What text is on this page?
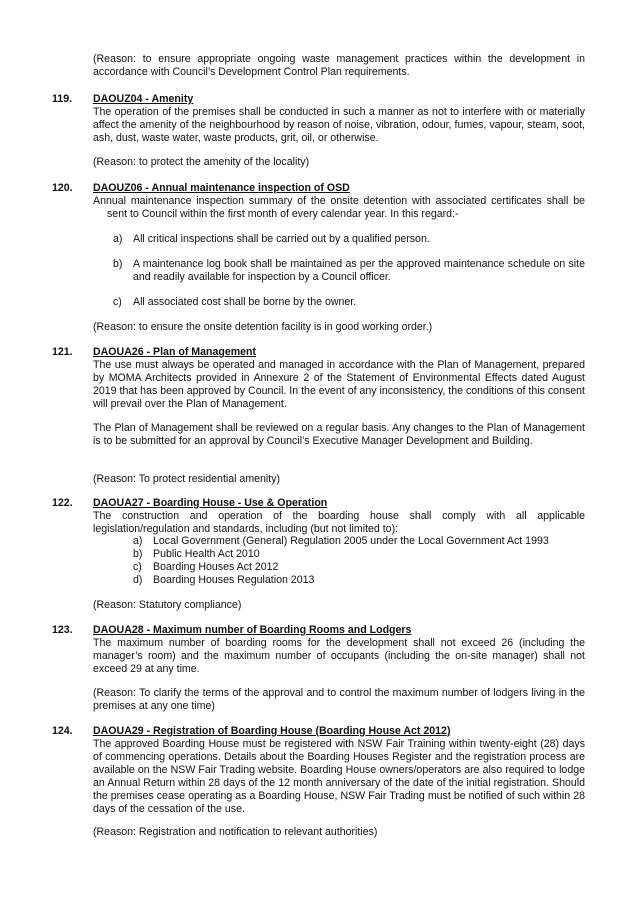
(Reason: to ensure appropriate ongoing waste management practices within the development in accordance with Council’s Development Control Plan requirements.
119. DAOUZ04 - Amenity
The operation of the premises shall be conducted in such a manner as not to interfere with or materially affect the amenity of the neighbourhood by reason of noise, vibration, odour, fumes, vapour, steam, soot, ash, dust, waste water, waste products, grit, oil, or otherwise.
(Reason: to protect the amenity of the locality)
120. DAOUZ06 - Annual maintenance inspection of OSD
Annual maintenance inspection summary of the onsite detention with associated certificates shall be sent to Council within the first month of every calendar year. In this regard:-
a) All critical inspections shall be carried out by a qualified person.
b) A maintenance log book shall be maintained as per the approved maintenance schedule on site and readily available for inspection by a Council officer.
c) All associated cost shall be borne by the owner.
(Reason: to ensure the onsite detention facility is in good working order.)
121. DAOUA26 - Plan of Management
The use must always be operated and managed in accordance with the Plan of Management, prepared by MOMA Architects provided in Annexure 2 of the Statement of Environmental Effects dated August 2019 that has been approved by Council. In the event of any inconsistency, the conditions of this consent will prevail over the Plan of Management.
The Plan of Management shall be reviewed on a regular basis. Any changes to the Plan of Management is to be submitted for an approval by Council’s Executive Manager Development and Building.
(Reason: To protect residential amenity)
122. DAOUA27 - Boarding House - Use & Operation
The construction and operation of the boarding house shall comply with all applicable legislation/regulation and standards, including (but not limited to):
a) Local Government (General) Regulation 2005 under the Local Government Act 1993
b) Public Health Act 2010
c) Boarding Houses Act 2012
d) Boarding Houses Regulation 2013
(Reason: Statutory compliance)
123. DAOUA28 - Maximum number of Boarding Rooms and Lodgers
The maximum number of boarding rooms for the development shall not exceed 26 (including the manager’s room) and the maximum number of occupants (including the on-site manager) shall not exceed 29 at any time.
(Reason: To clarify the terms of the approval and to control the maximum number of lodgers living in the premises at any one time)
124. DAOUA29 - Registration of Boarding House (Boarding House Act 2012)
The approved Boarding House must be registered with NSW Fair Training within twenty-eight (28) days of commencing operations. Details about the Boarding Houses Register and the registration process are available on the NSW Fair Trading website. Boarding House owners/operators are also required to lodge an Annual Return within 28 days of the 12 month anniversary of the date of the initial registration. Should the premises cease operating as a Boarding House, NSW Fair Trading must be notified of such within 28 days of the cessation of the use.
(Reason: Registration and notification to relevant authorities)
